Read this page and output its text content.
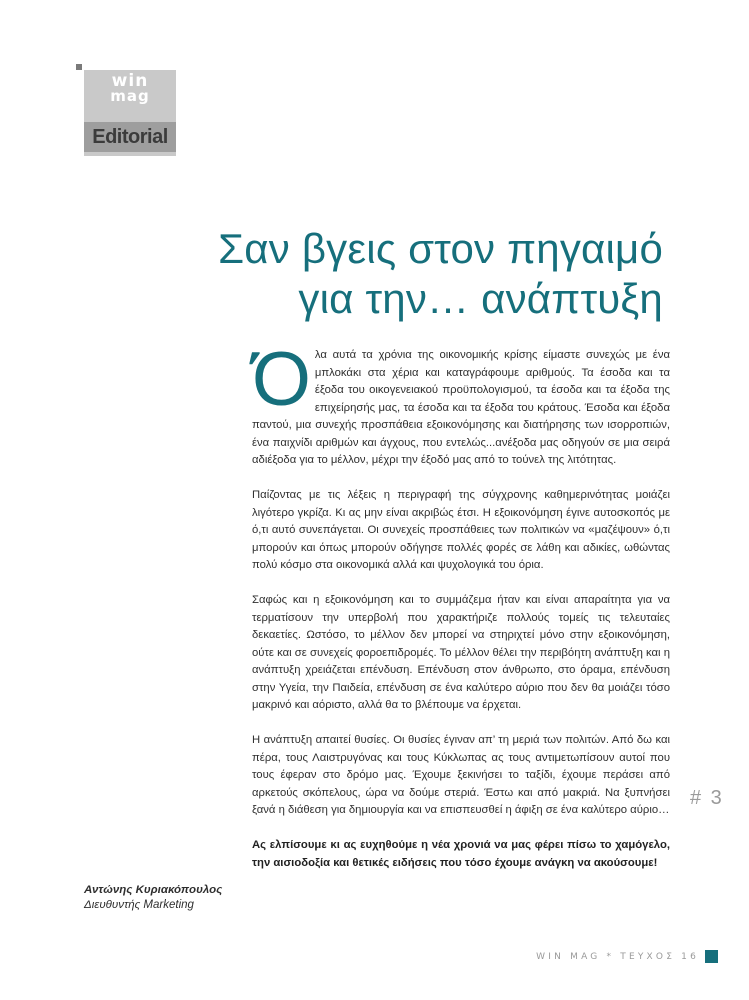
win
mag
Editorial
Σαν βγεις στον πηγαιμό
για την… ανάπτυξη

Όλα αυτά τα χρόνια της οικονομικής κρίσης είμαστε συνεχώς με ένα μπλοκάκι στα χέρια και καταγράφουμε αριθμούς. Τα έσοδα και τα έξοδα του οικογενειακού προϋπολογισμού, τα έσοδα και τα έξοδα της επιχείρησής μας, τα έσοδα και τα έξοδα του κράτους. Έσοδα και έξοδα παντού, μια συνεχής προσπάθεια εξοικονόμησης και διατήρησης των ισορροπιών, ένα παιχνίδι αριθμών και άγχους, που εντελώς...ανέξοδα μας οδηγούν σε μια σειρά αδιέξοδα για το μέλλον, μέχρι την έξοδό μας από το τούνελ της λιτότητας.

Παίζοντας με τις λέξεις η περιγραφή της σύγχρονης καθημερινότητας μοιάζει λιγότερο γκρίζα. Κι ας μην είναι ακριβώς έτσι. Η εξοικονόμηση έγινε αυτοσκοπός με ό,τι αυτό συνεπάγεται. Οι συνεχείς προσπάθειες των πολιτικών να «μαζέψουν» ό,τι μπορούν και όπως μπορούν οδήγησε πολλές φορές σε λάθη και αδικίες, ωθώντας πολύ κόσμο στα οικονομικά αλλά και ψυχολογικά του όρια.

Σαφώς και η εξοικονόμηση και το συμμάζεμα ήταν και είναι απαραίτητα για να τερματίσουν την υπερβολή που χαρακτήριζε πολλούς τομείς τις τελευταίες δεκαετίες. Ωστόσο, το μέλλον δεν μπορεί να στηριχτεί μόνο στην εξοικονόμηση, ούτε και σε συνεχείς φοροεπιδρομές. Το μέλλον θέλει την περιβόητη ανάπτυξη και η ανάπτυξη χρειάζεται επένδυση. Επένδυση στον άνθρωπο, στο όραμα, επένδυση στην Υγεία, την Παιδεία, επένδυση σε ένα καλύτερο αύριο που δεν θα μοιάζει τόσο μακρινό και αόριστο, αλλά θα το βλέπουμε να έρχεται.

Η ανάπτυξη απαιτεί θυσίες. Οι θυσίες έγιναν απ’ τη μεριά των πολιτών. Από δω και πέρα, τους Λαιστρυγόνας και τους Κύκλωπας ας τους αντιμετωπίσουν αυτοί που τους έφεραν στο δρόμο μας. Έχουμε ξεκινήσει το ταξίδι, έχουμε περάσει από αρκετούς σκόπελους, ώρα να δούμε στεριά. Έστω και από μακριά. Να ξυπνήσει ξανά η διάθεση για δημιουργία και να επισπευσθεί η άφιξη σε ένα καλύτερο αύριο…

Ας ελπίσουμε κι ας ευχηθούμε η νέα χρονιά να μας φέρει πίσω το χαμόγελο, την αισιοδοξία και θετικές ειδήσεις που τόσο έχουμε ανάγκη να ακούσουμε!

# 3
Αντώνης Κυριακόπουλος
Διευθυντής Marketing
WIN MAG * ΤΕΥΧΟΣ 16
